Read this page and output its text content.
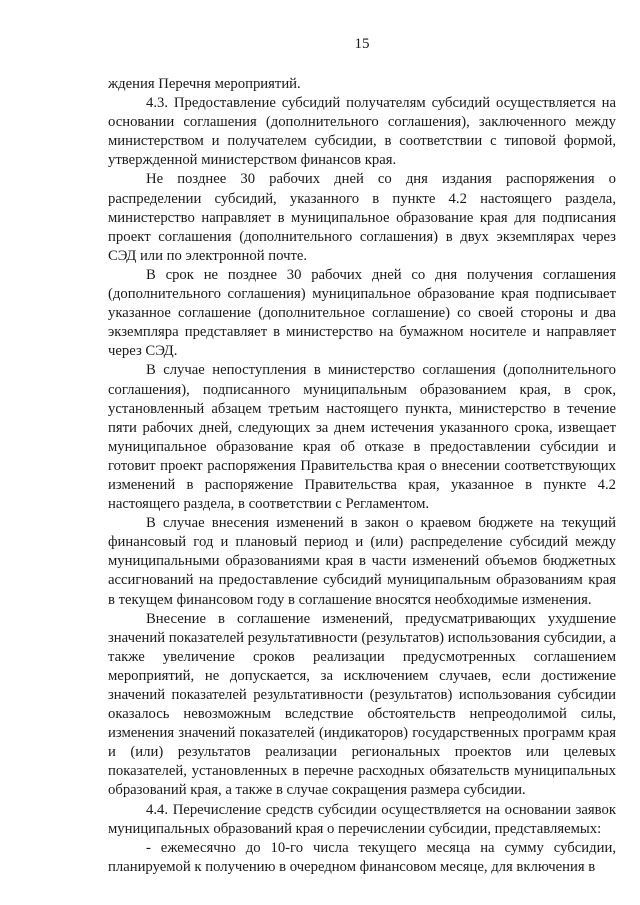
15

ждения Перечня мероприятий.

4.3. Предоставление субсидий получателям субсидий осуществляется на основании соглашения (дополнительного соглашения), заключенного между министерством и получателем субсидии, в соответствии с типовой формой, утвержденной министерством финансов края.

Не позднее 30 рабочих дней со дня издания распоряжения о распределении субсидий, указанного в пункте 4.2 настоящего раздела, министерство направляет в муниципальное образование края для подписания проект соглашения (дополнительного соглашения) в двух экземплярах через СЭД или по электронной почте.

В срок не позднее 30 рабочих дней со дня получения соглашения (дополнительного соглашения) муниципальное образование края подписывает указанное соглашение (дополнительное соглашение) со своей стороны и два экземпляра представляет в министерство на бумажном носителе и направляет через СЭД.

В случае непоступления в министерство соглашения (дополнительного соглашения), подписанного муниципальным образованием края, в срок, установленный абзацем третьим настоящего пункта, министерство в течение пяти рабочих дней, следующих за днем истечения указанного срока, извещает муниципальное образование края об отказе в предоставлении субсидии и готовит проект распоряжения Правительства края о внесении соответствующих изменений в распоряжение Правительства края, указанное в пункте 4.2 настоящего раздела, в соответствии с Регламентом.

В случае внесения изменений в закон о краевом бюджете на текущий финансовый год и плановый период и (или) распределение субсидий между муниципальными образованиями края в части изменений объемов бюджетных ассигнований на предоставление субсидий муниципальным образованиям края в текущем финансовом году в соглашение вносятся необходимые изменения.

Внесение в соглашение изменений, предусматривающих ухудшение значений показателей результативности (результатов) использования субсидии, а также увеличение сроков реализации предусмотренных соглашением мероприятий, не допускается, за исключением случаев, если достижение значений показателей результативности (результатов) использования субсидии оказалось невозможным вследствие обстоятельств непреодолимой силы, изменения значений показателей (индикаторов) государственных программ края и (или) результатов реализации региональных проектов или целевых показателей, установленных в перечне расходных обязательств муниципальных образований края, а также в случае сокращения размера субсидии.

4.4. Перечисление средств субсидии осуществляется на основании заявок муниципальных образований края о перечислении субсидии, представляемых:

- ежемесячно до 10-го числа текущего месяца на сумму субсидии, планируемой к получению в очередном финансовом месяце, для включения в
